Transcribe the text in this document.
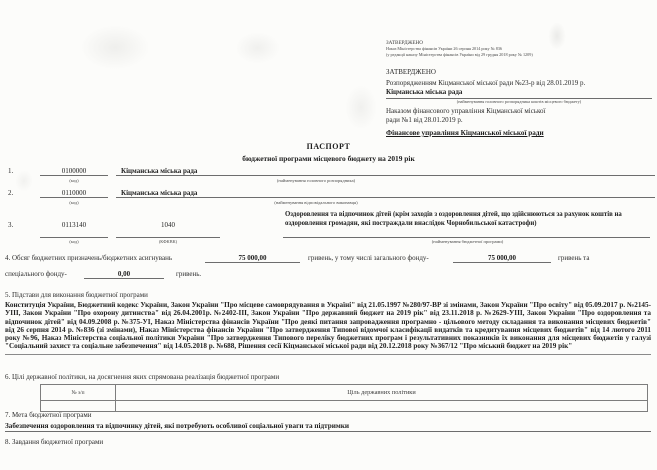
ЗАТВЕРДЖЕНО
Наказ Міністерства фінансів України 26 серпня 2014 року № 836
(у редакції наказу Міністерства фінансів України від 29 грудня 2018 року № 1209)
ЗАТВЕРДЖЕНО
Розпорядженням Кіцманської міської ради №23-р від 28.01.2019 р.
Кіцманська міська рада
(найменування головного розпорядника коштів місцевого бюджету)
Наказом фінансового управління Кіцманської міської
ради №1 від 28.01.2019 р.
Фінансове управління Кіцманської міської ради
ПАСПОРТ
бюджетної програми місцевого бюджету на 2019 рік
1.	0100000	Кіцманська міська рада
(код)	(найменування головного розпорядника)
2.	0110000	Кіцманська міська рада
(код)	(найменування відповідального виконавця)
3.	0113140	1040
Оздоровлення та відпочинок дітей (крім заходів з оздоровлення дітей, що здійснюються за рахунок коштів на оздоровлення громадян, які постраждали внаслідок Чорнобильської катастрофи)
(код)	(КФКВК)	(найменування бюджетної програми)
4. Обсяг бюджетних призначень/бюджетних асигнувань	75 000,00	гривень, у тому числі загального фонду-	75 000,00	гривень та
спеціального фонду-	0,00	гривень.
5. Підстави для виконання бюджетної програми
Конституція України, Бюджетний кодекс України, Закон України "Про місцеве самоврядування в Україні" від 21.05.1997 №280/97-ВР зі змінами, Закон України "Про освіту" від 05.09.2017 р. №2145-УІІІ, Закон України "Про охорону дитинства" від 26.04.2001р. №2402-ІІІ, Закон України "Про державний бюджет на 2019 рік" від 23.11.2018 р. №2629-УІІІ, Закон України "Про оздоровлення та відпочинок дітей" від 04.09.2008 р. №375-УІ, Наказ Міністерства фінансів України "Про деякі питання запровадження програмно - цільового методу складання та виконання місцевих бюджетів" від 26 серпня 2014 р. №836 (зі змінами), Наказ Міністерства фінансів України "Про затвердження Типової відомчої класифікації видатків та кредитування місцевих бюджетів" від 14 лютого 2011 року №96, Наказ Міністерства соціальної політики України "Про затвердження Типового переліку бюджетних програм і результативних показників їх виконання для місцевих бюджетів у галузі "Соціальний захист та соціальне забезпечення" від 14.05.2018 р. №688, Рішення сесії Кіцманської міської ради від 20.12.2018 року №367/12 "Про міський бюджет на 2019 рік"
6. Цілі державної політики, на досягнення яких спрямована реалізація бюджетної програми
№ з/п	Ціль державних політики

7. Мета бюджетної програми
Забезпечення оздоровлення та відпочинку дітей, які потребують особливої соціальної уваги та підтримки
8. Завдання бюджетної програми
